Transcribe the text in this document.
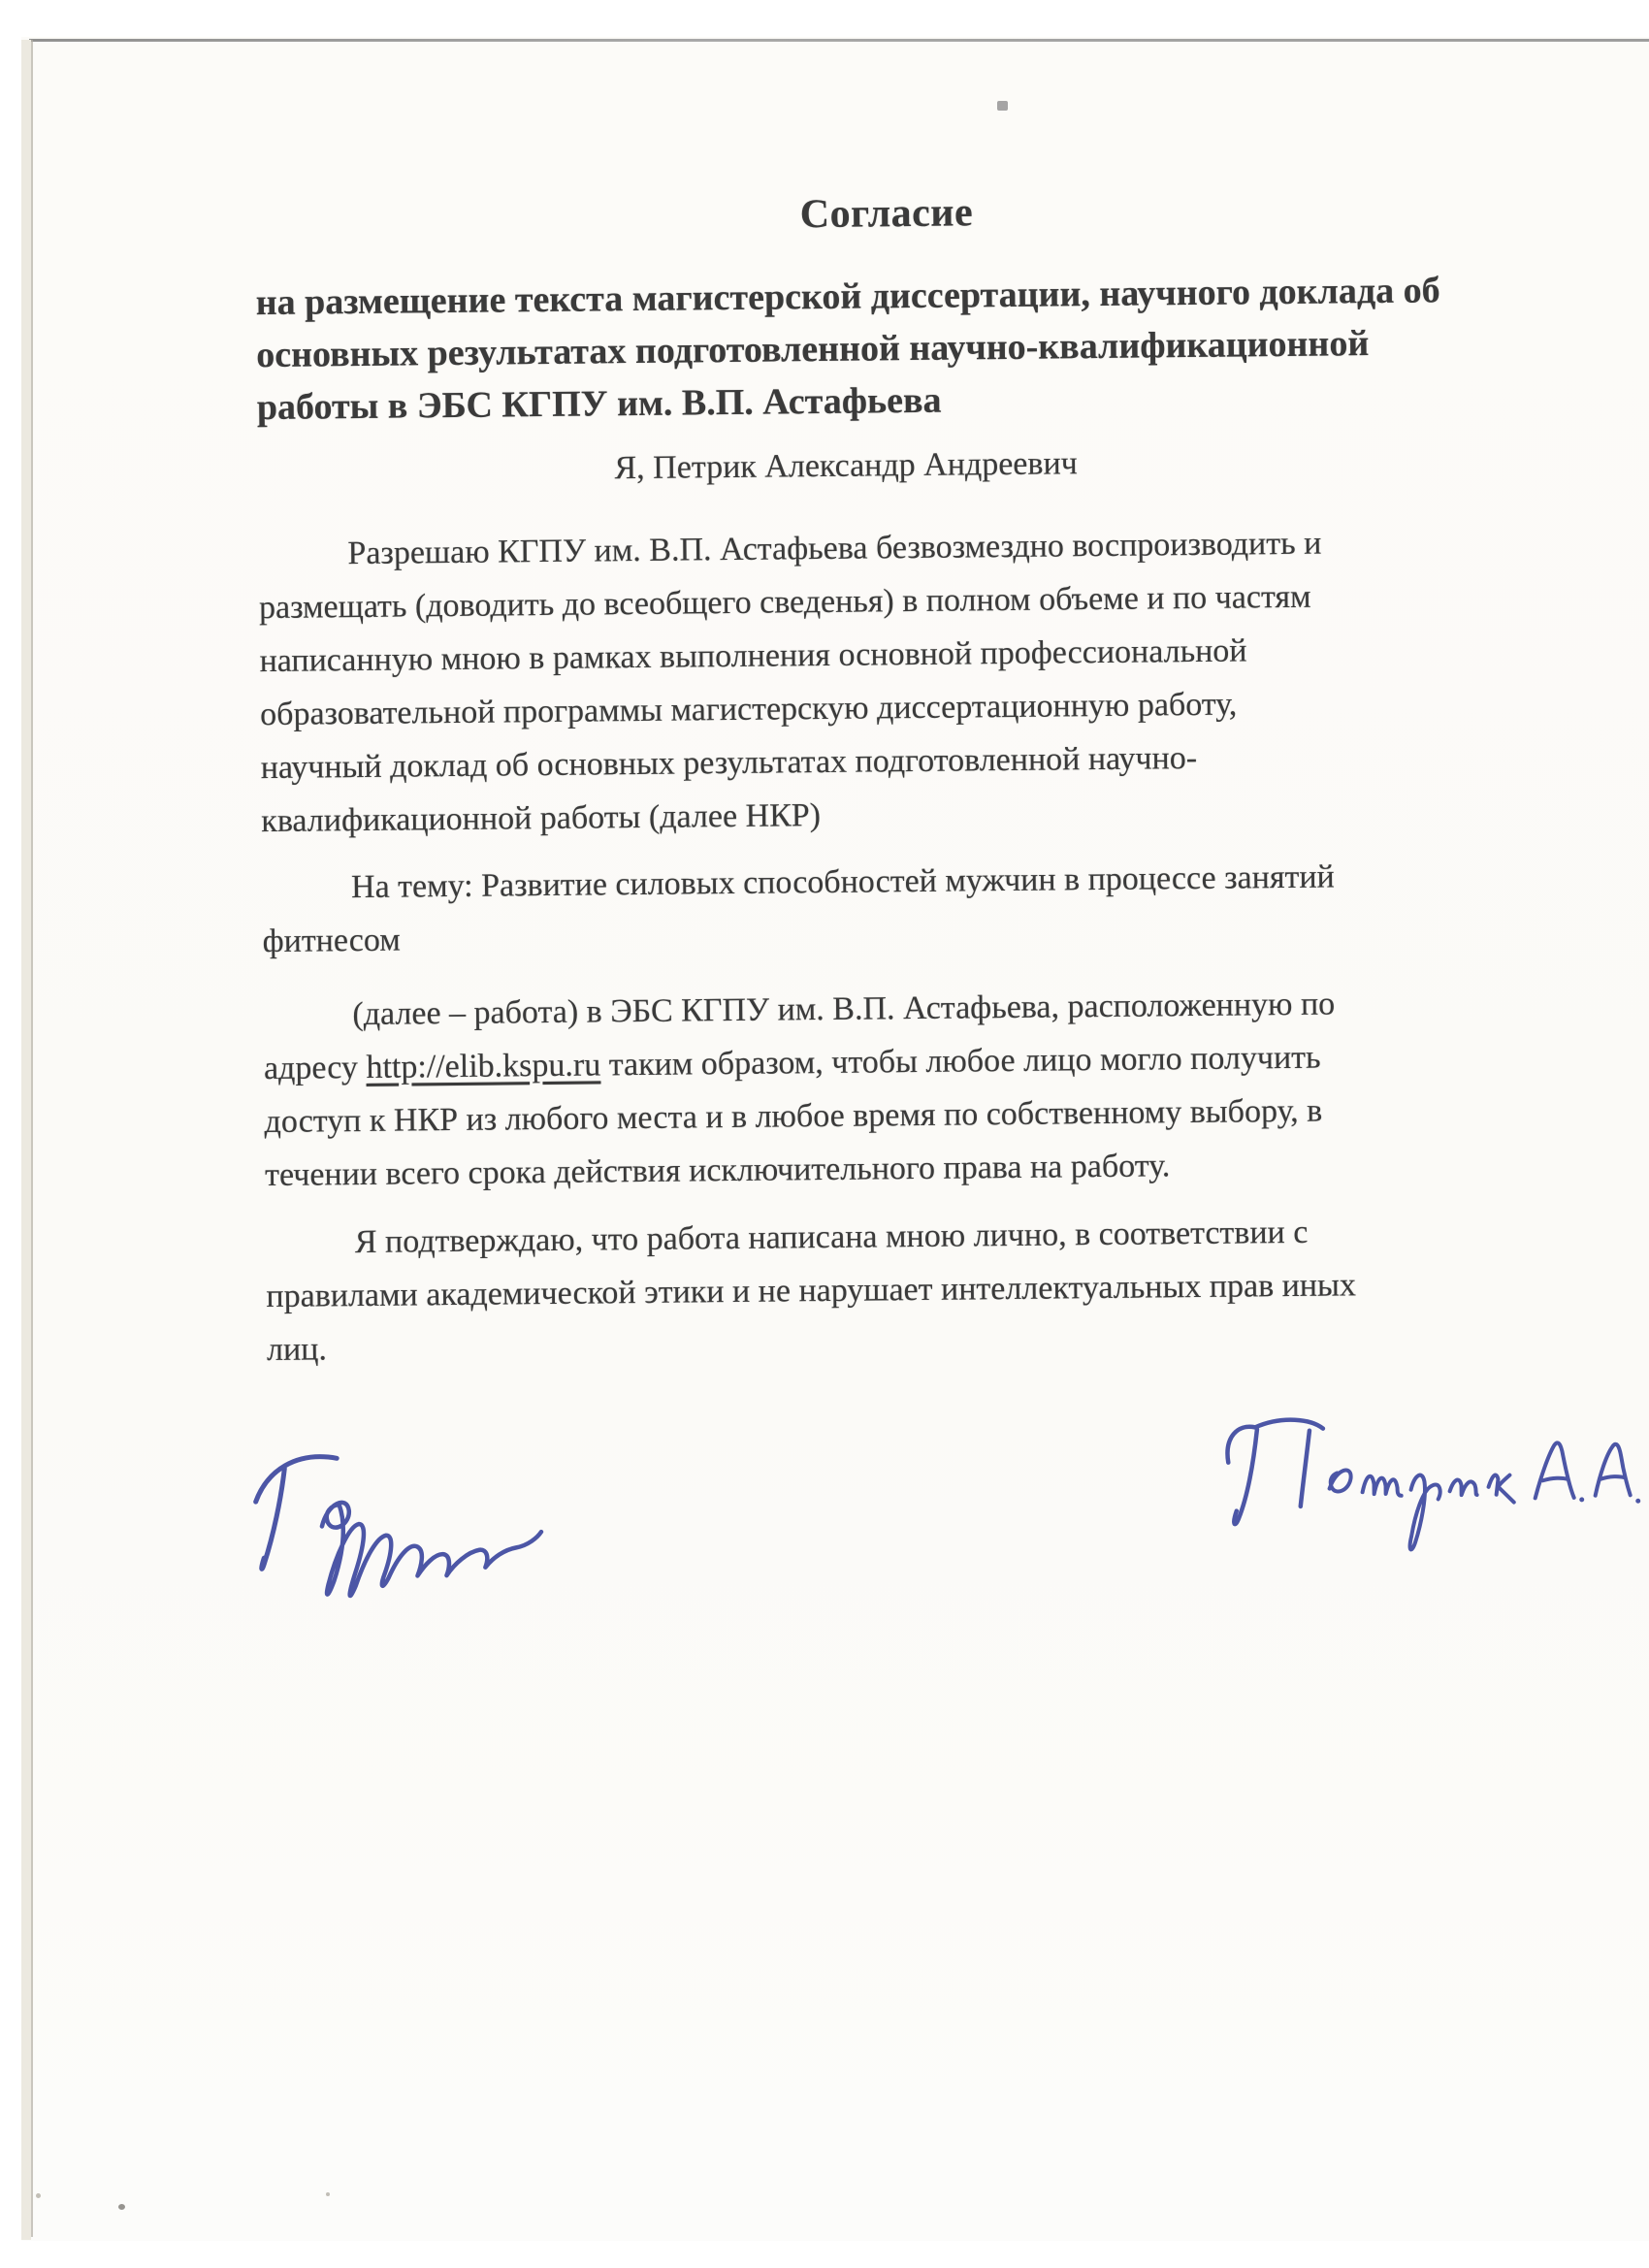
Согласие
на размещение текста магистерской диссертации, научного доклада об
основных результатах подготовленной научно-квалификационной
работы в ЭБС КГПУ им. В.П. Астафьева
Я, Петрик Александр Андреевич
Разрешаю КГПУ им. В.П. Астафьева безвозмездно воспроизводить и
размещать (доводить до всеобщего сведенья) в полном объеме и по частям
написанную мною в рамках выполнения основной профессиональной
образовательной программы магистерскую диссертационную работу,
научный доклад об основных результатах подготовленной научно-
квалификационной работы (далее НКР)
На тему: Развитие силовых способностей мужчин в процессе занятий
фитнесом
(далее – работа) в ЭБС КГПУ им. В.П. Астафьева, расположенную по
адресу http://elib.kspu.ru таким образом, чтобы любое лицо могло получить
доступ к НКР из любого места и в любое время по собственному выбору, в
течении всего срока действия исключительного права на работу.
Я подтверждаю, что работа написана мною лично, в соответствии с
правилами академической этики и не нарушает интеллектуальных прав иных
лиц.
